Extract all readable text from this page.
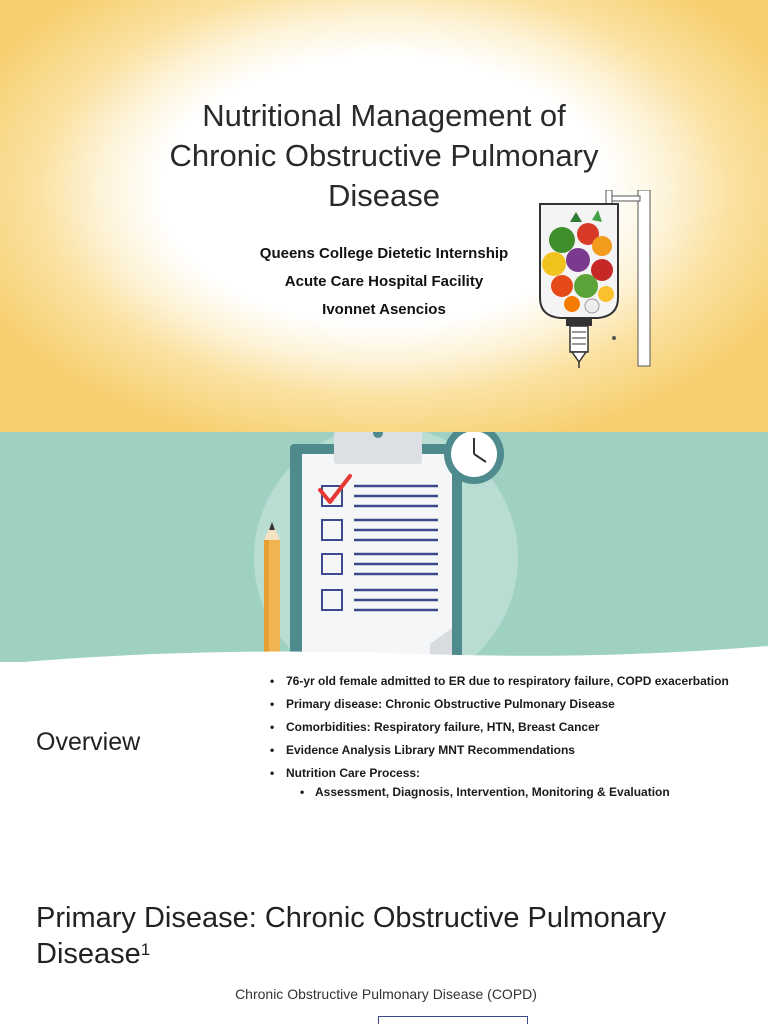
Nutritional Management of
Chronic Obstructive Pulmonary
Disease
Queens College Dietetic Internship
Acute Care Hospital Facility
Ivonnet Asencios
Overview
• 76-yr old female admitted to ER due to respiratory failure, COPD exacerbation
• Primary disease: Chronic Obstructive Pulmonary Disease
• Comorbidities: Respiratory failure, HTN, Breast Cancer
• Evidence Analysis Library MNT Recommendations
• Nutrition Care Process:
• Assessment, Diagnosis, Intervention, Monitoring & Evaluation
Primary Disease: Chronic Obstructive Pulmonary
Disease$^1$
Chronic Obstructive Pulmonary Disease (COPD)
